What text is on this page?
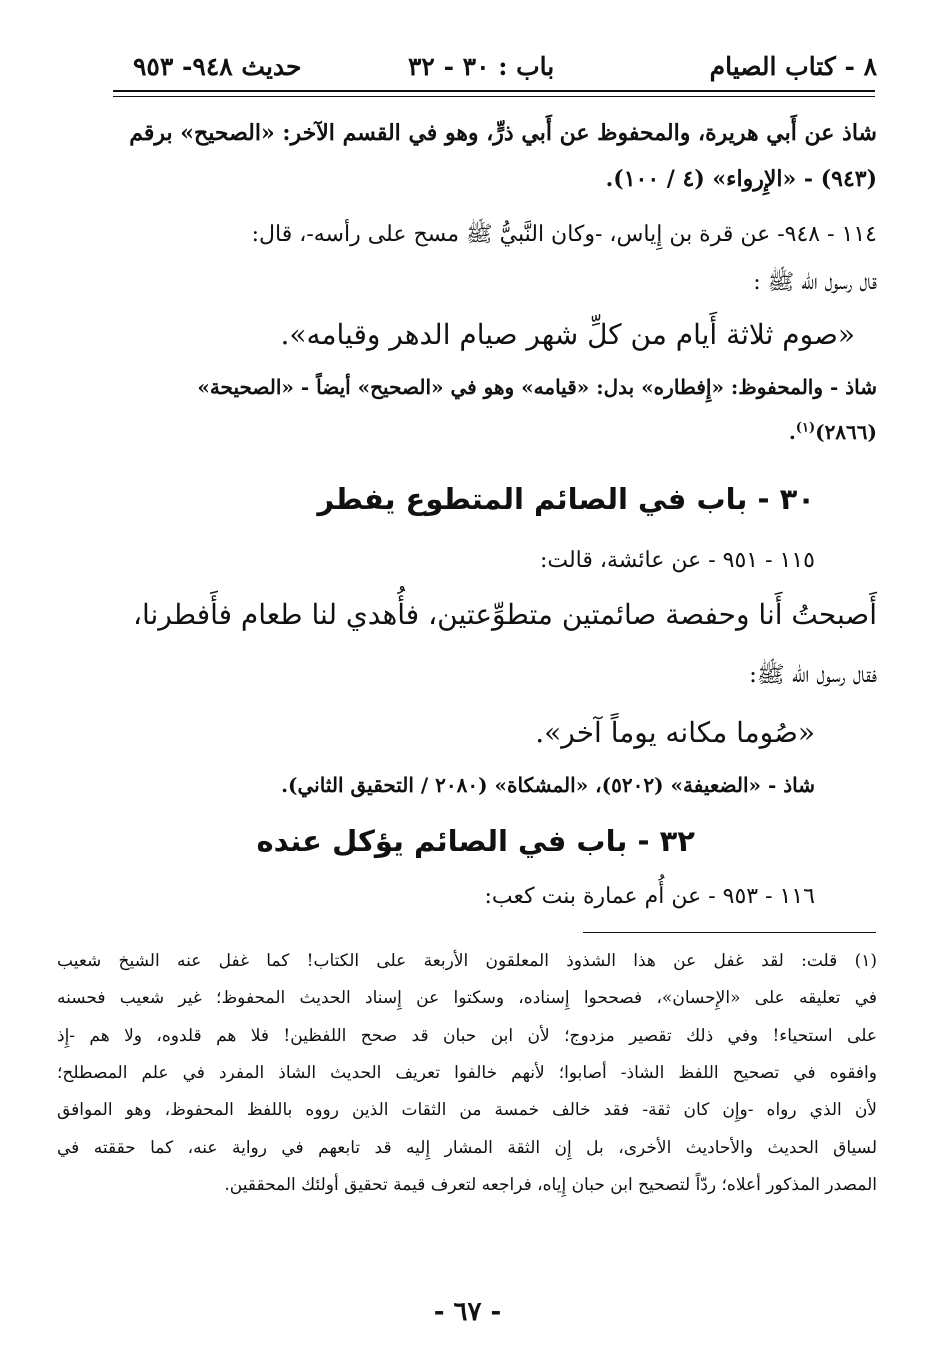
٨ - كتاب الصيام
باب : ٣٠ - ٣٢
حديث ٩٤٨- ٩٥٣
شاذ عن أَبي هريرة، والمحفوظ عن أَبي ذرٍّ، وهو في القسم الآخر: «الصحيح» برقم
(٩٤٣) - «الإِرواء» (٤ / ١٠٠).
١١٤ - ٩٤٨- عن قرة بن إِياس، -وكان النَّبيُّ ﷺ مسح على رأسه-، قال:
قال رسول الله ﷺ :
«صوم ثلاثة أَيام من كلِّ شهر صيام الدهر وقيامه».
شاذ - والمحفوظ: «إِفطاره» بدل: «قيامه» وهو في «الصحيح» أيضاً - «الصحيحة»
(٢٨٦٦)$^{(١)}$.
٣٠ - باب في الصائم المتطوع يفطر
١١٥ - ٩٥١ - عن عائشة، قالت:
أَصبحتُ أَنا وحفصة صائمتين متطوِّعتين، فأُهدي لنا طعام فأَفطرنا،
فقال رسول الله ﷺ:
«صُوما مكانه يوماً آخر».
شاذ - «الضعيفة» (٥٢٠٢)، «المشكاة» (٢٠٨٠ / التحقيق الثاني).
٣٢ - باب في الصائم يؤكل عنده
١١٦ - ٩٥٣ - عن أُم عمارة بنت كعب:
(١) قلت: لقد غفل عن هذا الشذوذ المعلقون الأربعة على الكتاب! كما غفل عنه الشيخ شعيب
في تعليقه على «الإِحسان»، فصححوا إِسناده، وسكتوا عن إِسناد الحديث المحفوظ؛ غير شعيب فحسنه
على استحياء! وفي ذلك تقصير مزدوج؛ لأن ابن حبان قد صحح اللفظين! فلا هم قلدوه، ولا هم -إِذ
وافقوه في تصحيح اللفظ الشاذ- أصابوا؛ لأنهم خالفوا تعريف الحديث الشاذ المفرد في علم المصطلح؛
لأن الذي رواه -وإِن كان ثقة- فقد خالف خمسة من الثقات الذين رووه باللفظ المحفوظ، وهو الموافق
لسياق الحديث والأحاديث الأخرى، بل إِن الثقة المشار إِليه قد تابعهم في رواية عنه، كما حققته في
المصدر المذكور أعلاه؛ ردّاً لتصحيح ابن حبان إِياه، فراجعه لتعرف قيمة تحقيق أولئك المحققين.
- ٦٧ -
